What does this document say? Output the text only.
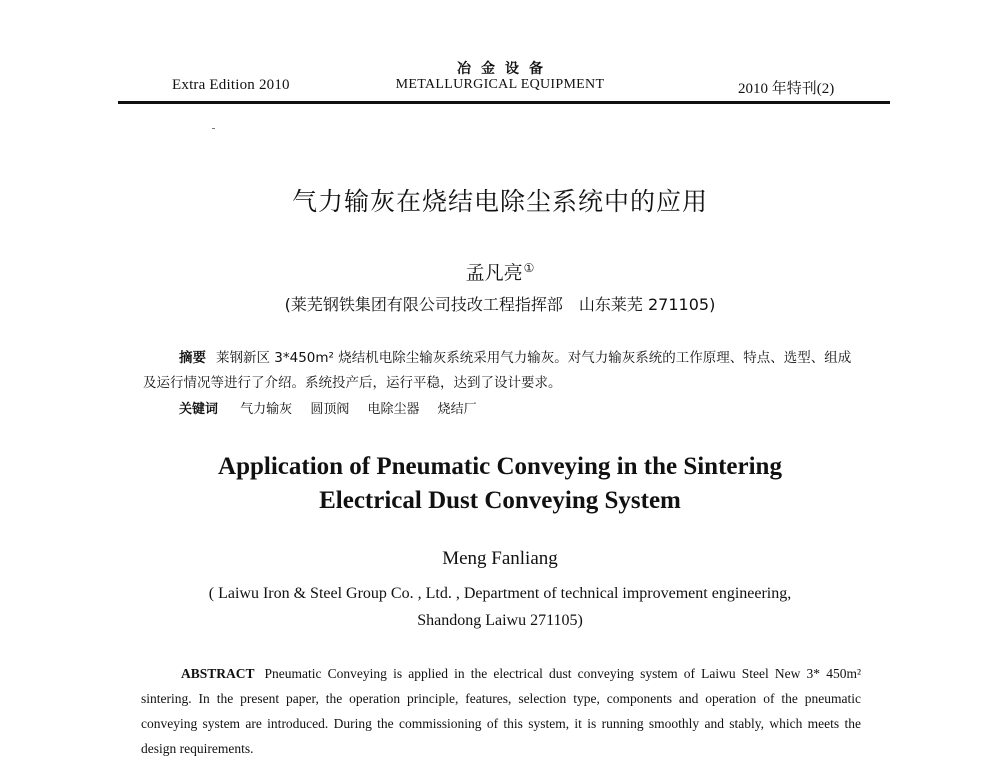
Extra Edition 2010
冶金设备
METALLURGICAL EQUIPMENT	2010 年特刊(2)
气力输灰在烧结电除尘系统中的应用
孟凡亮①
(莱芜钢铁集团有限公司技改工程指挥部　山东莱芜 271105)
摘要 莱钢新区 3*450m² 烧结机电除尘输灰系统采用气力输灰。对气力输灰系统的工作原理、特点、选型、组成及运行情况等进行了介绍。系统投产后，运行平稳，达到了设计要求。
关键词 气力输灰 圆顶阀 电除尘器 烧结厂
Application of Pneumatic Conveying in the Sintering
Electrical Dust Conveying System
Meng Fanliang
( Laiwu Iron & Steel Group Co. , Ltd. , Department of technical improvement engineering,
Shandong Laiwu 271105)
ABSTRACT Pneumatic Conveying is applied in the electrical dust conveying system of Laiwu Steel New 3* 450m² sintering. In the present paper, the operation principle, features, selection type, components and operation of the pneumatic conveying system are introduced. During the commissioning of this system, it is running smoothly and stably, which meets the design requirements.
